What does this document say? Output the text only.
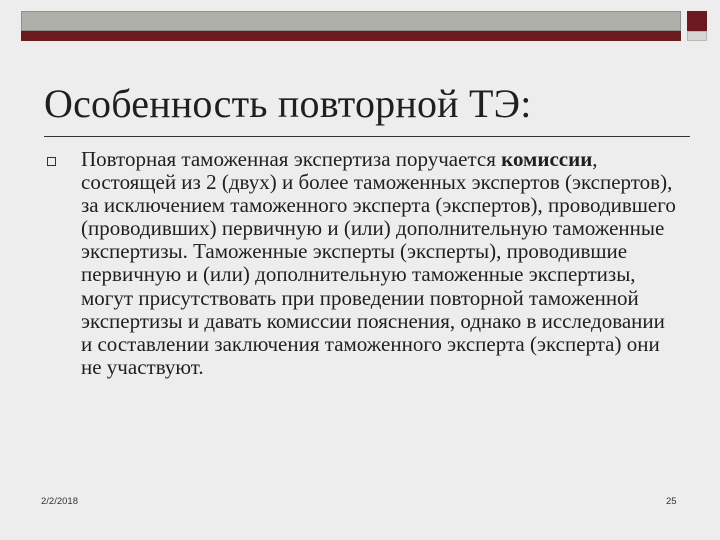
Особенность повторной ТЭ:
Повторная таможенная экспертиза поручается комиссии, состоящей из 2 (двух) и более таможенных экспертов (экспертов), за исключением таможенного эксперта (экспертов), проводившего (проводивших) первичную и (или) дополнительную таможенные экспертизы. Таможенные эксперты (эксперты), проводившие первичную и (или) дополнительную таможенные экспертизы, могут присутствовать при проведении повторной таможенной экспертизы и давать комиссии пояснения, однако в исследовании и составлении заключения таможенного эксперта (эксперта) они не участвуют.
2/2/2018	25
